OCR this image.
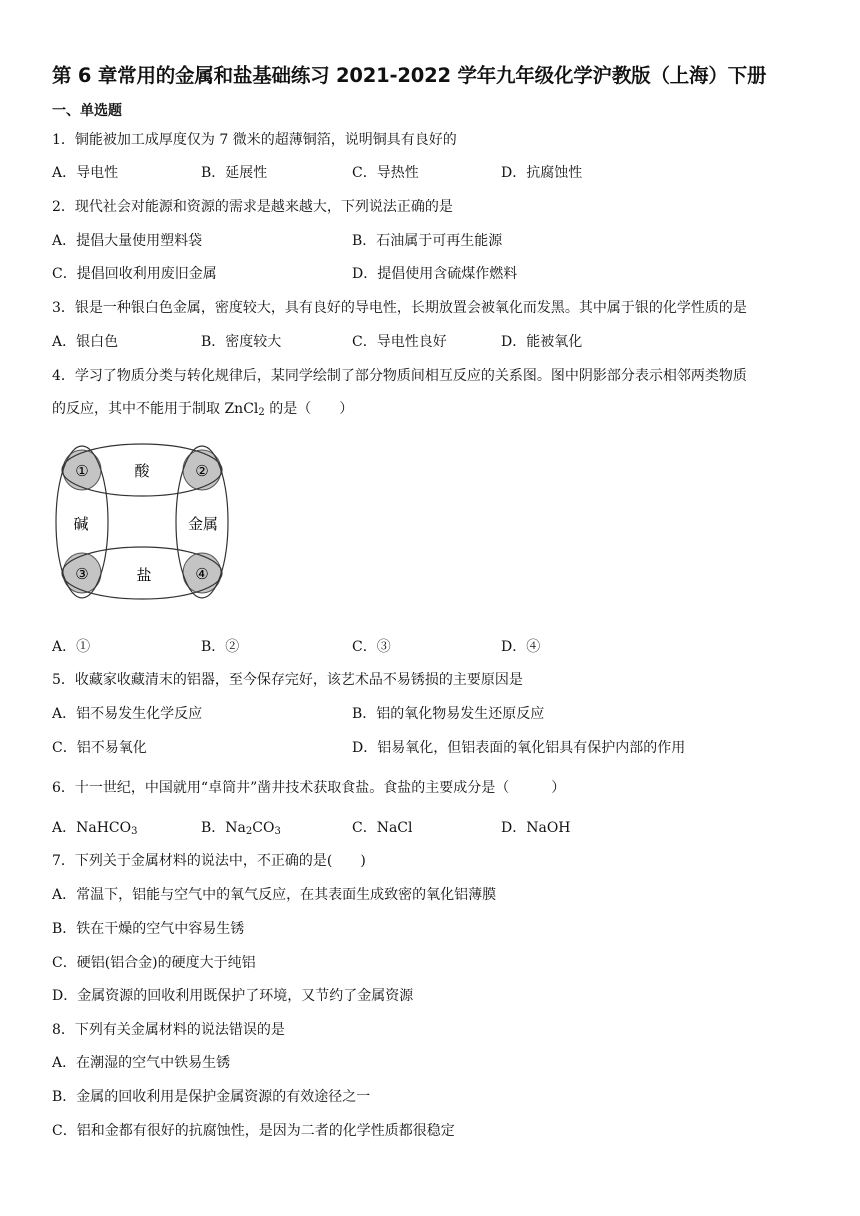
第 6 章常用的金属和盐基础练习 2021-2022 学年九年级化学沪教版（上海）下册
一、单选题
1．铜能被加工成厚度仅为 7 微米的超薄铜箔，说明铜具有良好的
A．导电性	B．延展性	C．导热性	D．抗腐蚀性
2．现代社会对能源和资源的需求是越来越大，下列说法正确的是
A．提倡大量使用塑料袋	B．石油属于可再生能源
C．提倡回收利用废旧金属	D．提倡使用含硫煤作燃料
3．银是一种银白色金属，密度较大，具有良好的导电性，长期放置会被氧化而发黑。其中属于银的化学性质的是
A．银白色	B．密度较大	C．导电性良好	D．能被氧化
4．学习了物质分类与转化规律后，某同学绘制了部分物质间相互反应的关系图。图中阴影部分表示相邻两类物质
的反应，其中不能用于制取 ZnCl$_2$ 的是（　　）
酸
盐
碱	金属
①	②
③	④
A．①	B．②	C．③	D．④
5．收藏家收藏清末的铝器，至今保存完好，该艺术品不易锈损的主要原因是
A．铝不易发生化学反应	B．铝的氧化物易发生还原反应
C．铝不易氧化	D．铝易氧化，但铝表面的氧化铝具有保护内部的作用
6．十一世纪，中国就用“卓筒井”凿井技术获取食盐。食盐的主要成分是（　　　）
A．NaHCO$_3$	B．$Na_2CO_3$	C．NaCl	D．NaOH
7．下列关于金属材料的说法中，不正确的是(　　)
A．常温下，铝能与空气中的氧气反应，在其表面生成致密的氧化铝薄膜
B．铁在干燥的空气中容易生锈
C．硬铝(铝合金)的硬度大于纯铝
D．金属资源的回收利用既保护了环境，又节约了金属资源
8．下列有关金属材料的说法错误的是
A．在潮湿的空气中铁易生锈
B．金属的回收利用是保护金属资源的有效途径之一
C．铝和金都有很好的抗腐蚀性，是因为二者的化学性质都很稳定
